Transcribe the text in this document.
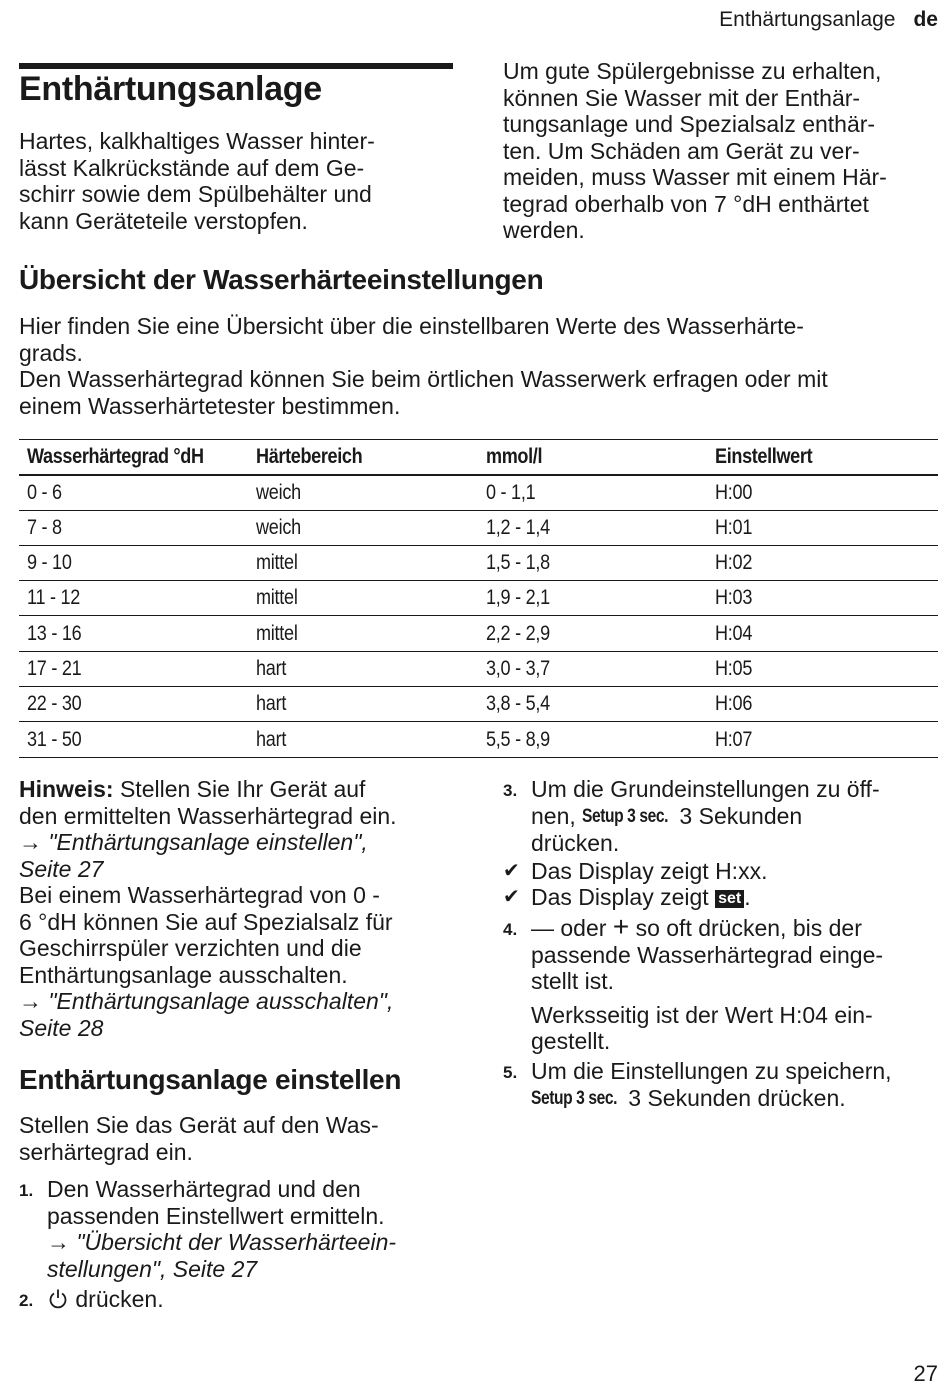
Enthärtungsanlage de
Enthärtungsanlage

Hartes, kalkhaltiges Wasser hinter-

lässt Kalkrückstände auf dem Ge-

schirr sowie dem Spülbehälter und

kann Geräteteile verstopfen.

Um gute Spülergebnisse zu erhalten,

können Sie Wasser mit der Enthär-

tungsanlage und Spezialsalz enthär-

ten. Um Schäden am Gerät zu ver-

meiden, muss Wasser mit einem Här-

tegrad oberhalb von 7 °dH enthärtet

werden.

Übersicht der Wasserhärteeinstellungen

Hier finden Sie eine Übersicht über die einstellbaren Werte des Wasserhärte-

grads.

Den Wasserhärtegrad können Sie beim örtlichen Wasserwerk erfragen oder mit

einem Wasserhärtetester bestimmen.

Wasserhärtegrad °dH	Härtebereich	mmol/l	Einstellwert
0 - 6	weich	0 - 1,1	H:00
7 - 8	weich	1,2 - 1,4	H:01
9 - 10	mittel	1,5 - 1,8	H:02
11 - 12	mittel	1,9 - 2,1	H:03
13 - 16	mittel	2,2 - 2,9	H:04
17 - 21	hart	3,0 - 3,7	H:05
22 - 30	hart	3,8 - 5,4	H:06
31 - 50	hart	5,5 - 8,9	H:07

Hinweis: Stellen Sie Ihr Gerät auf

den ermittelten Wasserhärtegrad ein.

→ "Enthärtungsanlage einstellen",

Seite 27

Bei einem Wasserhärtegrad von 0 -

6 °dH können Sie auf Spezialsalz für

Geschirrspüler verzichten und die

Enthärtungsanlage ausschalten.

→ "Enthärtungsanlage ausschalten",

Seite 28

Enthärtungsanlage einstellen

Stellen Sie das Gerät auf den Was-

serhärtegrad ein.

1. Den Wasserhärtegrad und den

passenden Einstellwert ermitteln.

→ "Übersicht der Wasserhärteein-

stellungen", Seite 27

2.	drücken.
3. Um die Grundeinstellungen zu öff-

nen, Setup 3 sec. 3 Sekunden

drücken.

✔ Das Display zeigt H:xx.
✔ Das Display zeigt set .
4. — oder + so oft drücken, bis der

passende Wasserhärtegrad einge-

stellt ist.

Werksseitig ist der Wert H:04 ein-

gestellt.

5. Um die Einstellungen zu speichern,

Setup 3 sec. 3 Sekunden drücken.

27
